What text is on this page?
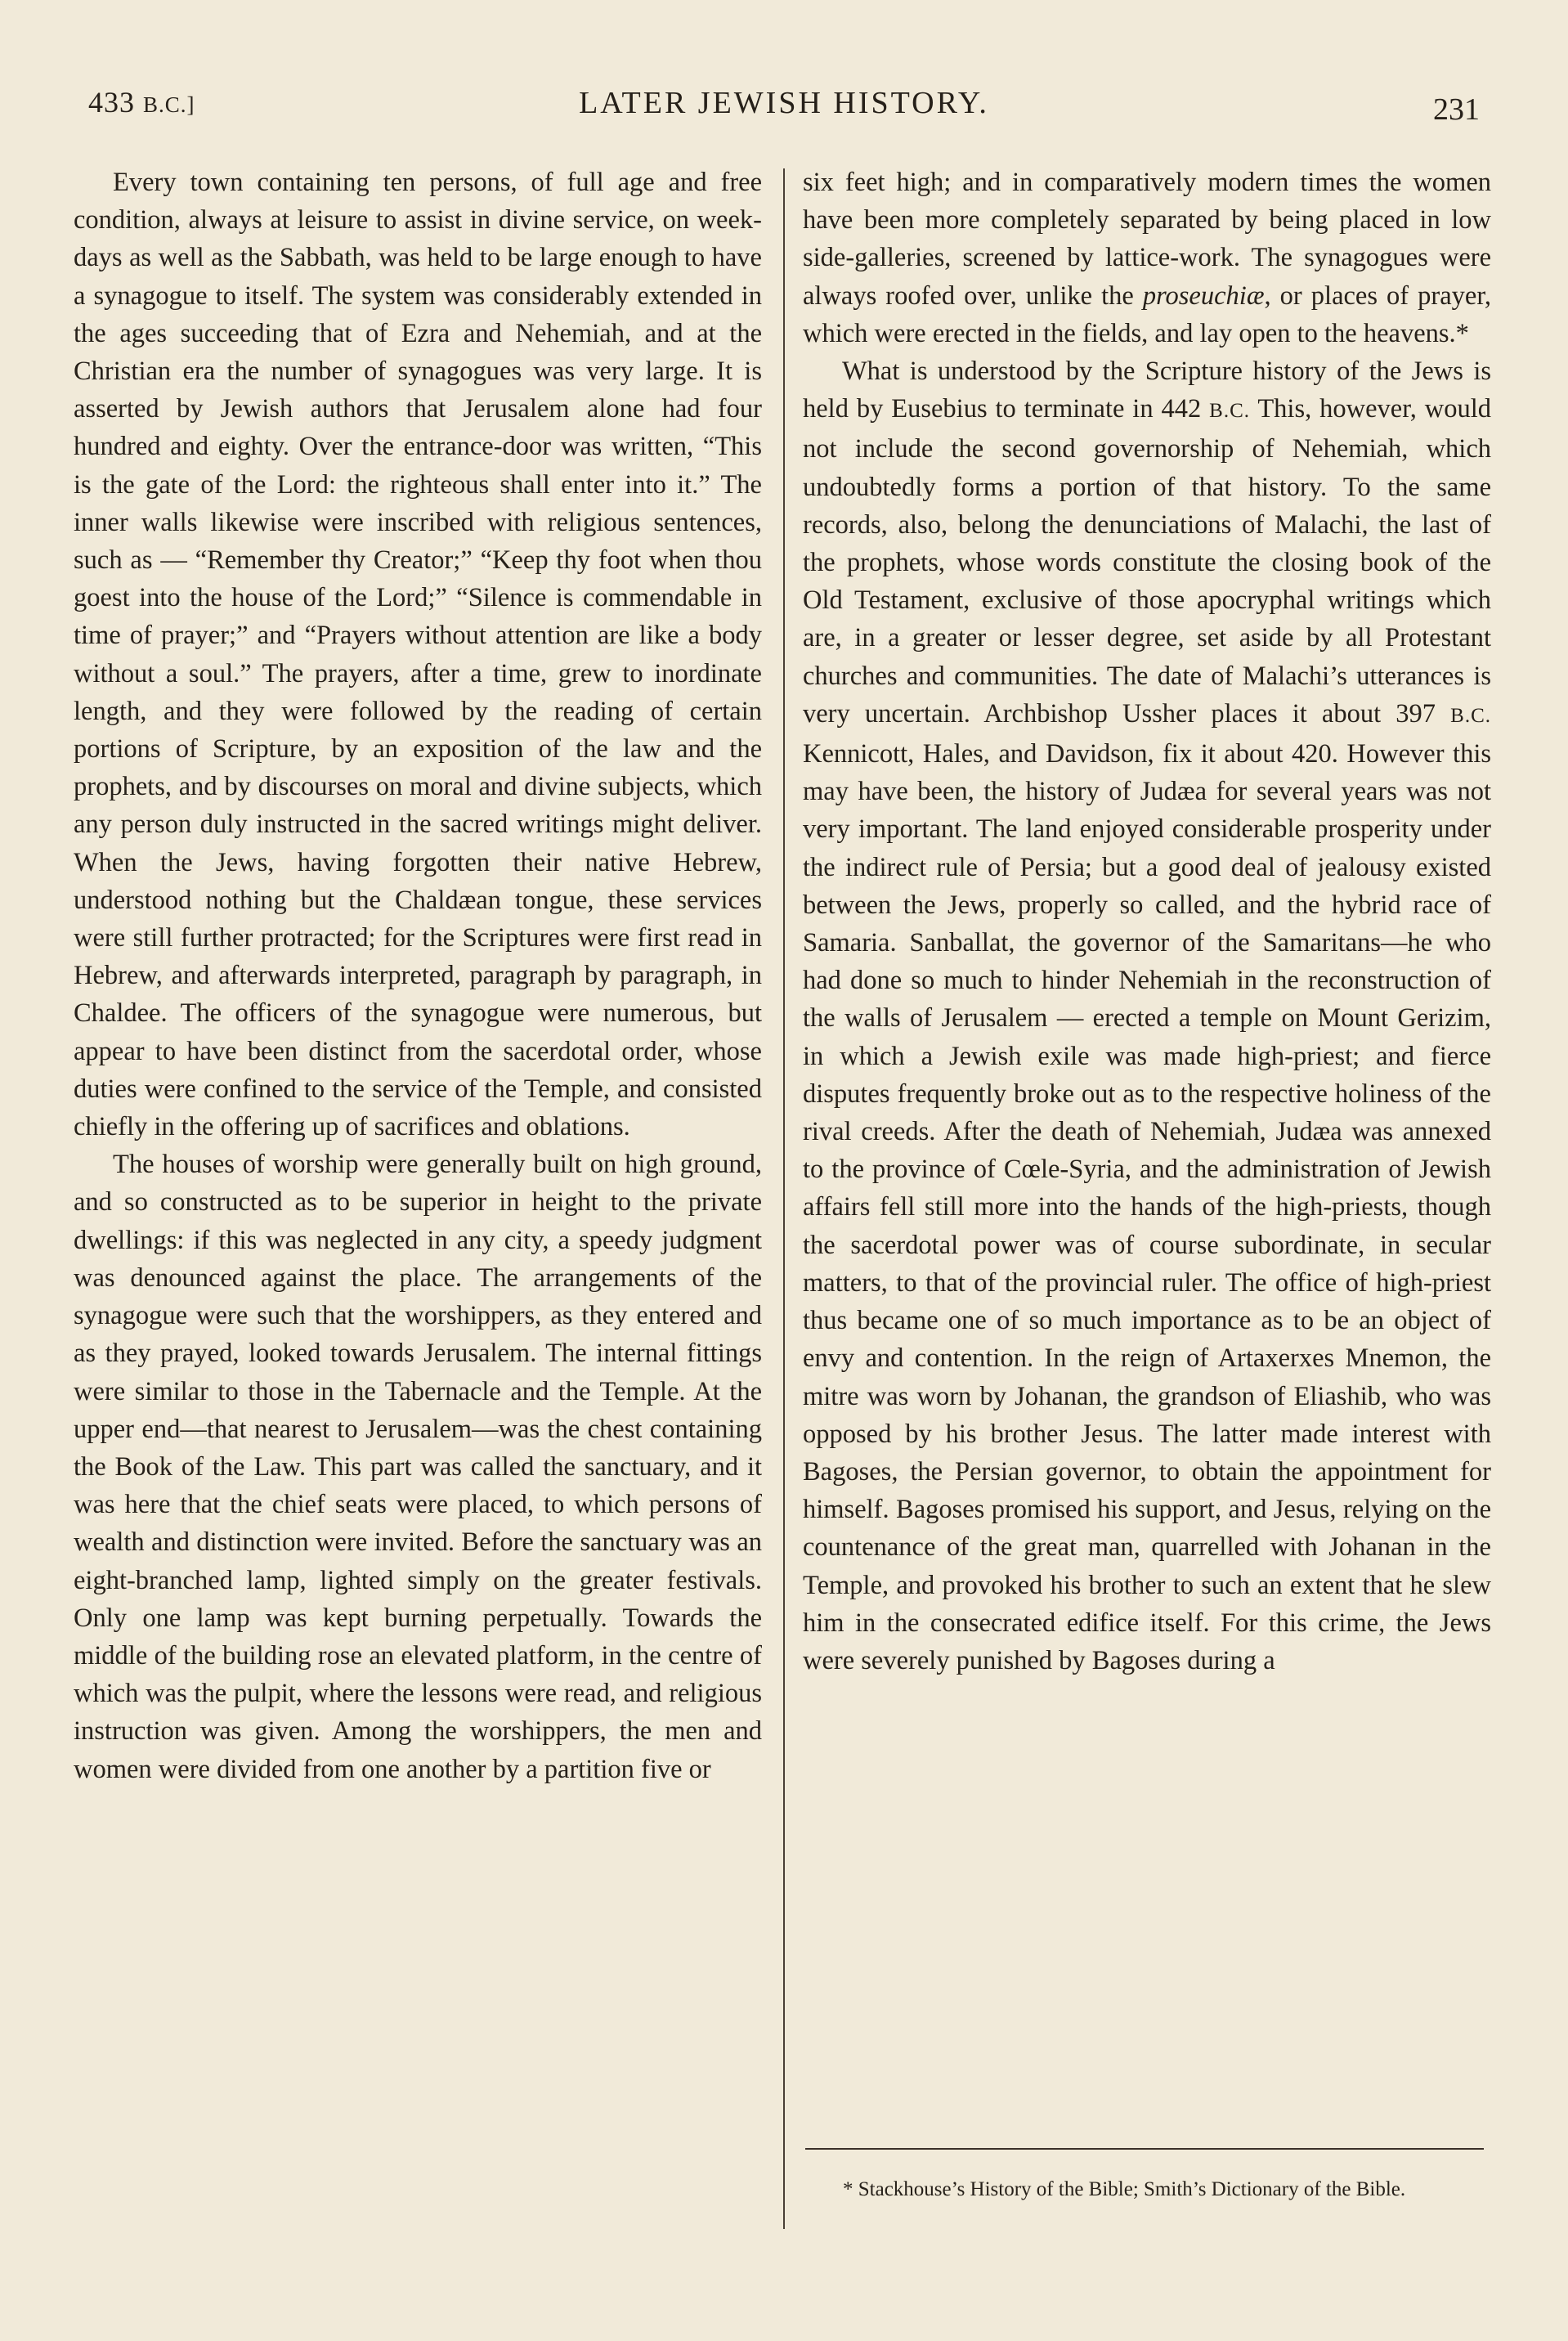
433 B.C.]	LATER JEWISH HISTORY.	231

Every town containing ten persons, of full age and free condition, always at leisure to assist in divine service, on week-days as well as the Sabbath, was held to be large enough to have a synagogue to itself. The system was considerably extended in the ages succeeding that of Ezra and Nehemiah, and at the Christian era the number of synagogues was very large. It is asserted by Jewish authors that Jerusalem alone had four hundred and eighty. Over the entrance-door was written, “This is the gate of the Lord: the righteous shall enter into it.” The inner walls likewise were inscribed with religious sentences, such as — “Remember thy Creator;” “Keep thy foot when thou goest into the house of the Lord;” “Silence is commendable in time of prayer;” and “Prayers without attention are like a body without a soul.” The prayers, after a time, grew to inordinate length, and they were followed by the reading of certain portions of Scripture, by an exposition of the law and the prophets, and by discourses on moral and divine subjects, which any person duly instructed in the sacred writings might deliver. When the Jews, having forgotten their native Hebrew, understood nothing but the Chaldæan tongue, these services were still further protracted; for the Scriptures were first read in Hebrew, and afterwards interpreted, paragraph by paragraph, in Chaldee. The officers of the synagogue were numerous, but appear to have been distinct from the sacerdotal order, whose duties were confined to the service of the Temple, and consisted chiefly in the offering up of sacrifices and oblations.

The houses of worship were generally built on high ground, and so constructed as to be superior in height to the private dwellings: if this was neglected in any city, a speedy judgment was denounced against the place. The arrangements of the synagogue were such that the worshippers, as they entered and as they prayed, looked towards Jerusalem. The internal fittings were similar to those in the Tabernacle and the Temple. At the upper end—that nearest to Jerusalem—was the chest containing the Book of the Law. This part was called the sanctuary, and it was here that the chief seats were placed, to which persons of wealth and distinction were invited. Before the sanctuary was an eight-branched lamp, lighted simply on the greater festivals. Only one lamp was kept burning perpetually. Towards the middle of the building rose an elevated platform, in the centre of which was the pulpit, where the lessons were read, and religious instruction was given. Among the worshippers, the men and women were divided from one another by a partition five or

six feet high; and in comparatively modern times the women have been more completely separated by being placed in low side-galleries, screened by lattice-work. The synagogues were always roofed over, unlike the proseuchiæ, or places of prayer, which were erected in the fields, and lay open to the heavens.*

What is understood by the Scripture history of the Jews is held by Eusebius to terminate in 442 B.C. This, however, would not include the second governorship of Nehemiah, which undoubtedly forms a portion of that history. To the same records, also, belong the denunciations of Malachi, the last of the prophets, whose words constitute the closing book of the Old Testament, exclusive of those apocryphal writings which are, in a greater or lesser degree, set aside by all Protestant churches and communities. The date of Malachi’s utterances is very uncertain. Archbishop Ussher places it about 397 B.C. Kennicott, Hales, and Davidson, fix it about 420. However this may have been, the history of Judæa for several years was not very important. The land enjoyed considerable prosperity under the indirect rule of Persia; but a good deal of jealousy existed between the Jews, properly so called, and the hybrid race of Samaria. Sanballat, the governor of the Samaritans—he who had done so much to hinder Nehemiah in the reconstruction of the walls of Jerusalem — erected a temple on Mount Gerizim, in which a Jewish exile was made high-priest; and fierce disputes frequently broke out as to the respective holiness of the rival creeds. After the death of Nehemiah, Judæa was annexed to the province of Cœle-Syria, and the administration of Jewish affairs fell still more into the hands of the high-priests, though the sacerdotal power was of course subordinate, in secular matters, to that of the provincial ruler. The office of high-priest thus became one of so much importance as to be an object of envy and contention. In the reign of Artaxerxes Mnemon, the mitre was worn by Johanan, the grandson of Eliashib, who was opposed by his brother Jesus. The latter made interest with Bagoses, the Persian governor, to obtain the appointment for himself. Bagoses promised his support, and Jesus, relying on the countenance of the great man, quarrelled with Johanan in the Temple, and provoked his brother to such an extent that he slew him in the consecrated edifice itself. For this crime, the Jews were severely punished by Bagoses during a

* Stackhouse’s History of the Bible; Smith’s Dictionary of the Bible.
